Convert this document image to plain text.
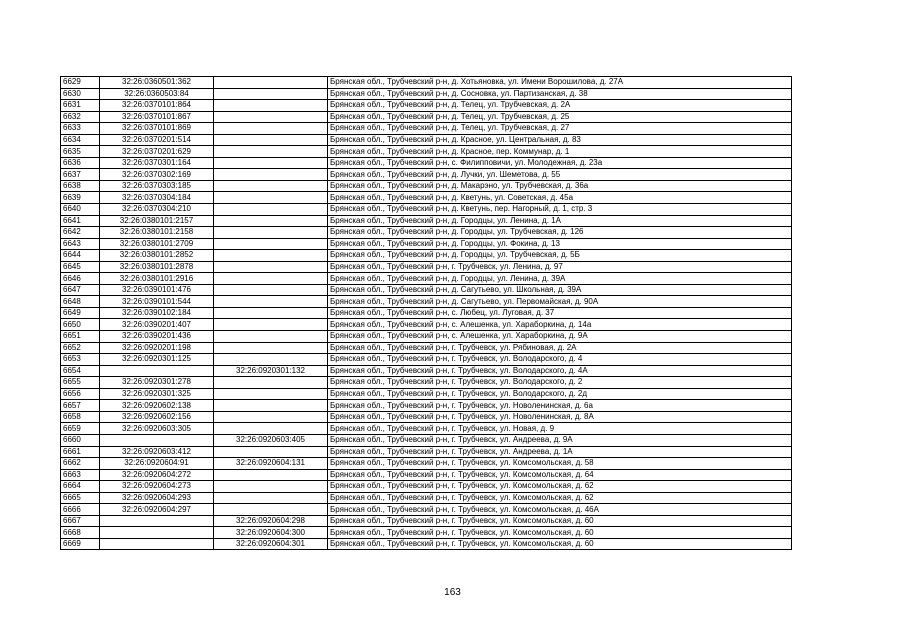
6629	32:26:0360501:362		Брянская обл., Трубчевский р-н, д. Хотьяновка, ул. Имени Ворошилова, д. 27А
6630	32:26:0360503:84		Брянская обл., Трубчевский р-н, д. Сосновка, ул. Партизанская, д. 38
6631	32:26:0370101:864		Брянская обл., Трубчевский р-н, д. Телец, ул. Трубчевская, д. 2А
6632	32:26:0370101:867		Брянская обл., Трубчевский р-н, д. Телец, ул. Трубчевская, д. 25
6633	32:26:0370101:869		Брянская обл., Трубчевский р-н, д. Телец, ул. Трубчевская, д. 27
6634	32:26:0370201:514		Брянская обл., Трубчевский р-н, д. Красное, ул. Центральная, д. 83
6635	32:26:0370201:629		Брянская обл., Трубчевский р-н, д. Красное, пер. Коммунар, д. 1
6636	32:26:0370301:164		Брянская обл., Трубчевский р-н, с. Филипповичи, ул. Молодежная, д. 23а
6637	32:26:0370302:169		Брянская обл., Трубчевский р-н, д. Лучки, ул. Шеметова, д. 55
6638	32:26:0370303:185		Брянская обл., Трубчевский р-н, д. Макарэно, ул. Трубчевская, д. 36а
6639	32:26:0370304:184		Брянская обл., Трубчевский р-н, д. Кветунь, ул. Советская, д. 45а
6640	32:26:0370304:210		Брянская обл., Трубчевский р-н, д. Кветунь, пер. Нагорный, д. 1, стр. 3
6641	32:26:0380101:2157		Брянская обл., Трубчевский р-н, д. Городцы, ул. Ленина, д. 1А
6642	32:26:0380101:2158		Брянская обл., Трубчевский р-н, д. Городцы, ул. Трубчевская, д. 126
6643	32:26:0380101:2709		Брянская обл., Трубчевский р-н, д. Городцы, ул. Фокина, д. 13
6644	32:26:0380101:2852		Брянская обл., Трубчевский р-н, д. Городцы, ул. Трубчевская, д. 5Б
6645	32:26:0380101:2878		Брянская обл., Трубчевский р-н, г. Трубчевск, ул. Ленина, д. 97
6646	32:26:0380101:2916		Брянская обл., Трубчевский р-н, д. Городцы, ул. Ленина, д. 39А
6647	32:26:0390101:476		Брянская обл., Трубчевский р-н, д. Сагутьево, ул. Школьная, д. 39А
6648	32:26:0390101:544		Брянская обл., Трубчевский р-н, д. Сагутьево, ул. Первомайская, д. 90А
6649	32:26:0390102:184		Брянская обл., Трубчевский р-н, с. Любец, ул. Луговая, д. 37
6650	32:26:0390201:407		Брянская обл., Трубчевский р-н, с. Алешенка, ул. Хараборкина, д. 14а
6651	32:26:0390201:436		Брянская обл., Трубчевский р-н, с. Алешенка, ул. Хараборкина, д. 9А
6652	32:26:0920201:198		Брянская обл., Трубчевский р-н, г. Трубчевск, ул. Рябиновая, д. 2А
6653	32:26:0920301:125		Брянская обл., Трубчевский р-н, г. Трубчевск, ул. Володарского, д. 4
6654		32:26:0920301:132	Брянская обл., Трубчевский р-н, г. Трубчевск, ул. Володарского, д. 4А
6655	32:26:0920301:278		Брянская обл., Трубчевский р-н, г. Трубчевск, ул. Володарского, д. 2
6656	32:26:0920301:325		Брянская обл., Трубчевский р-н, г. Трубчевск, ул. Володарского, д. 2д
6657	32:26:0920602:138		Брянская обл., Трубчевский р-н, г. Трубчевск, ул. Новоленинская, д. 6а
6658	32:26:0920602:156		Брянская обл., Трубчевский р-н, г. Трубчевск, ул. Новоленинская, д. 8А
6659	32:26:0920603:305		Брянская обл., Трубчевский р-н, г. Трубчевск, ул. Новая, д. 9
6660		32:26:0920603:405	Брянская обл., Трубчевский р-н, г. Трубчевск, ул. Андреева, д. 9А
6661	32:26:0920603:412		Брянская обл., Трубчевский р-н, г. Трубчевск, ул. Андреева, д. 1А
6662	32:26:0920604:91	32:26:0920604:131	Брянская обл., Трубчевский р-н, г. Трубчевск, ул. Комсомольская, д. 58
6663	32:26:0920604:272		Брянская обл., Трубчевский р-н, г. Трубчевск, ул. Комсомольская, д. 64
6664	32:26:0920604:273		Брянская обл., Трубчевский р-н, г. Трубчевск, ул. Комсомольская, д. 62
6665	32:26:0920604:293		Брянская обл., Трубчевский р-н, г. Трубчевск, ул. Комсомольская, д. 62
6666	32:26:0920604:297		Брянская обл., Трубчевский р-н, г. Трубчевск, ул. Комсомольская, д. 46А
6667		32:26:0920604:298	Брянская обл., Трубчевский р-н, г. Трубчевск, ул. Комсомольская, д. 60
6668		32:26:0920604:300	Брянская обл., Трубчевский р-н, г. Трубчевск, ул. Комсомольская, д. 60
6669		32:26:0920604:301	Брянская обл., Трубчевский р-н, г. Трубчевск, ул. Комсомольская, д. 60
163
